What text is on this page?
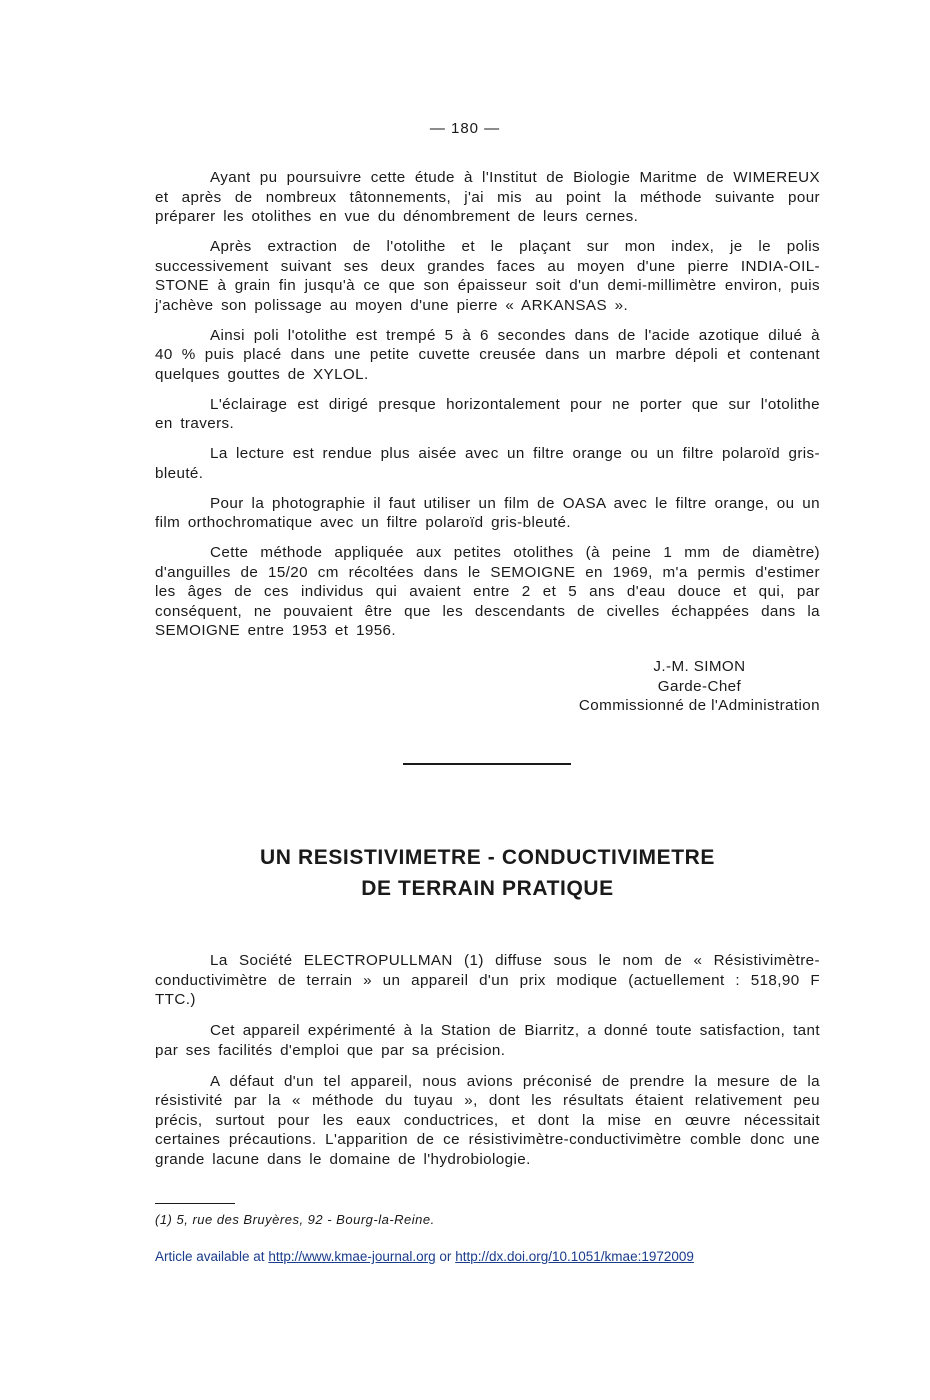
— 180 —

Ayant pu poursuivre cette étude à l'Institut de Biologie Maritme de WIMEREUX et après de nombreux tâtonnements, j'ai mis au point la méthode suivante pour préparer les otolithes en vue du dénombrement de leurs cernes.

Après extraction de l'otolithe et le plaçant sur mon index, je le polis successivement suivant ses deux grandes faces au moyen d'une pierre INDIA-OIL-STONE à grain fin jusqu'à ce que son épaisseur soit d'un demi-millimètre environ, puis j'achève son polissage au moyen d'une pierre « ARKANSAS ».

Ainsi poli l'otolithe est trempé 5 à 6 secondes dans de l'acide azotique dilué à 40 % puis placé dans une petite cuvette creusée dans un marbre dépoli et contenant quelques gouttes de XYLOL.

L'éclairage est dirigé presque horizontalement pour ne porter que sur l'otolithe en travers.

La lecture est rendue plus aisée avec un filtre orange ou un filtre polaroïd gris-bleuté.

Pour la photographie il faut utiliser un film de OASA avec le filtre orange, ou un film orthochromatique avec un filtre polaroïd gris-bleuté.

Cette méthode appliquée aux petites otolithes (à peine 1 mm de diamètre) d'anguilles de 15/20 cm récoltées dans le SEMOIGNE en 1969, m'a permis d'estimer les âges de ces individus qui avaient entre 2 et 5 ans d'eau douce et qui, par conséquent, ne pouvaient être que les descendants de civelles échappées dans la SEMOIGNE entre 1953 et 1956.

J.-M. SIMON
Garde-Chef
Commissionné de l'Administration
UN RESISTIVIMETRE - CONDUCTIVIMETRE
DE TERRAIN PRATIQUE

La Société ELECTROPULLMAN (1) diffuse sous le nom de « Résistivimètre-conductivimètre de terrain » un appareil d'un prix modique (actuellement : 518,90 F TTC.)

Cet appareil expérimenté à la Station de Biarritz, a donné toute satisfaction, tant par ses facilités d'emploi que par sa précision.

A défaut d'un tel appareil, nous avions préconisé de prendre la mesure de la résistivité par la « méthode du tuyau », dont les résultats étaient relativement peu précis, surtout pour les eaux conductrices, et dont la mise en œuvre nécessitait certaines précautions. L'apparition de ce résistivimètre-conductivimètre comble donc une grande lacune dans le domaine de l'hydrobiologie.

(1) 5, rue des Bruyères, 92 - Bourg-la-Reine.
Article available at http://www.kmae-journal.org or http://dx.doi.org/10.1051/kmae:1972009
